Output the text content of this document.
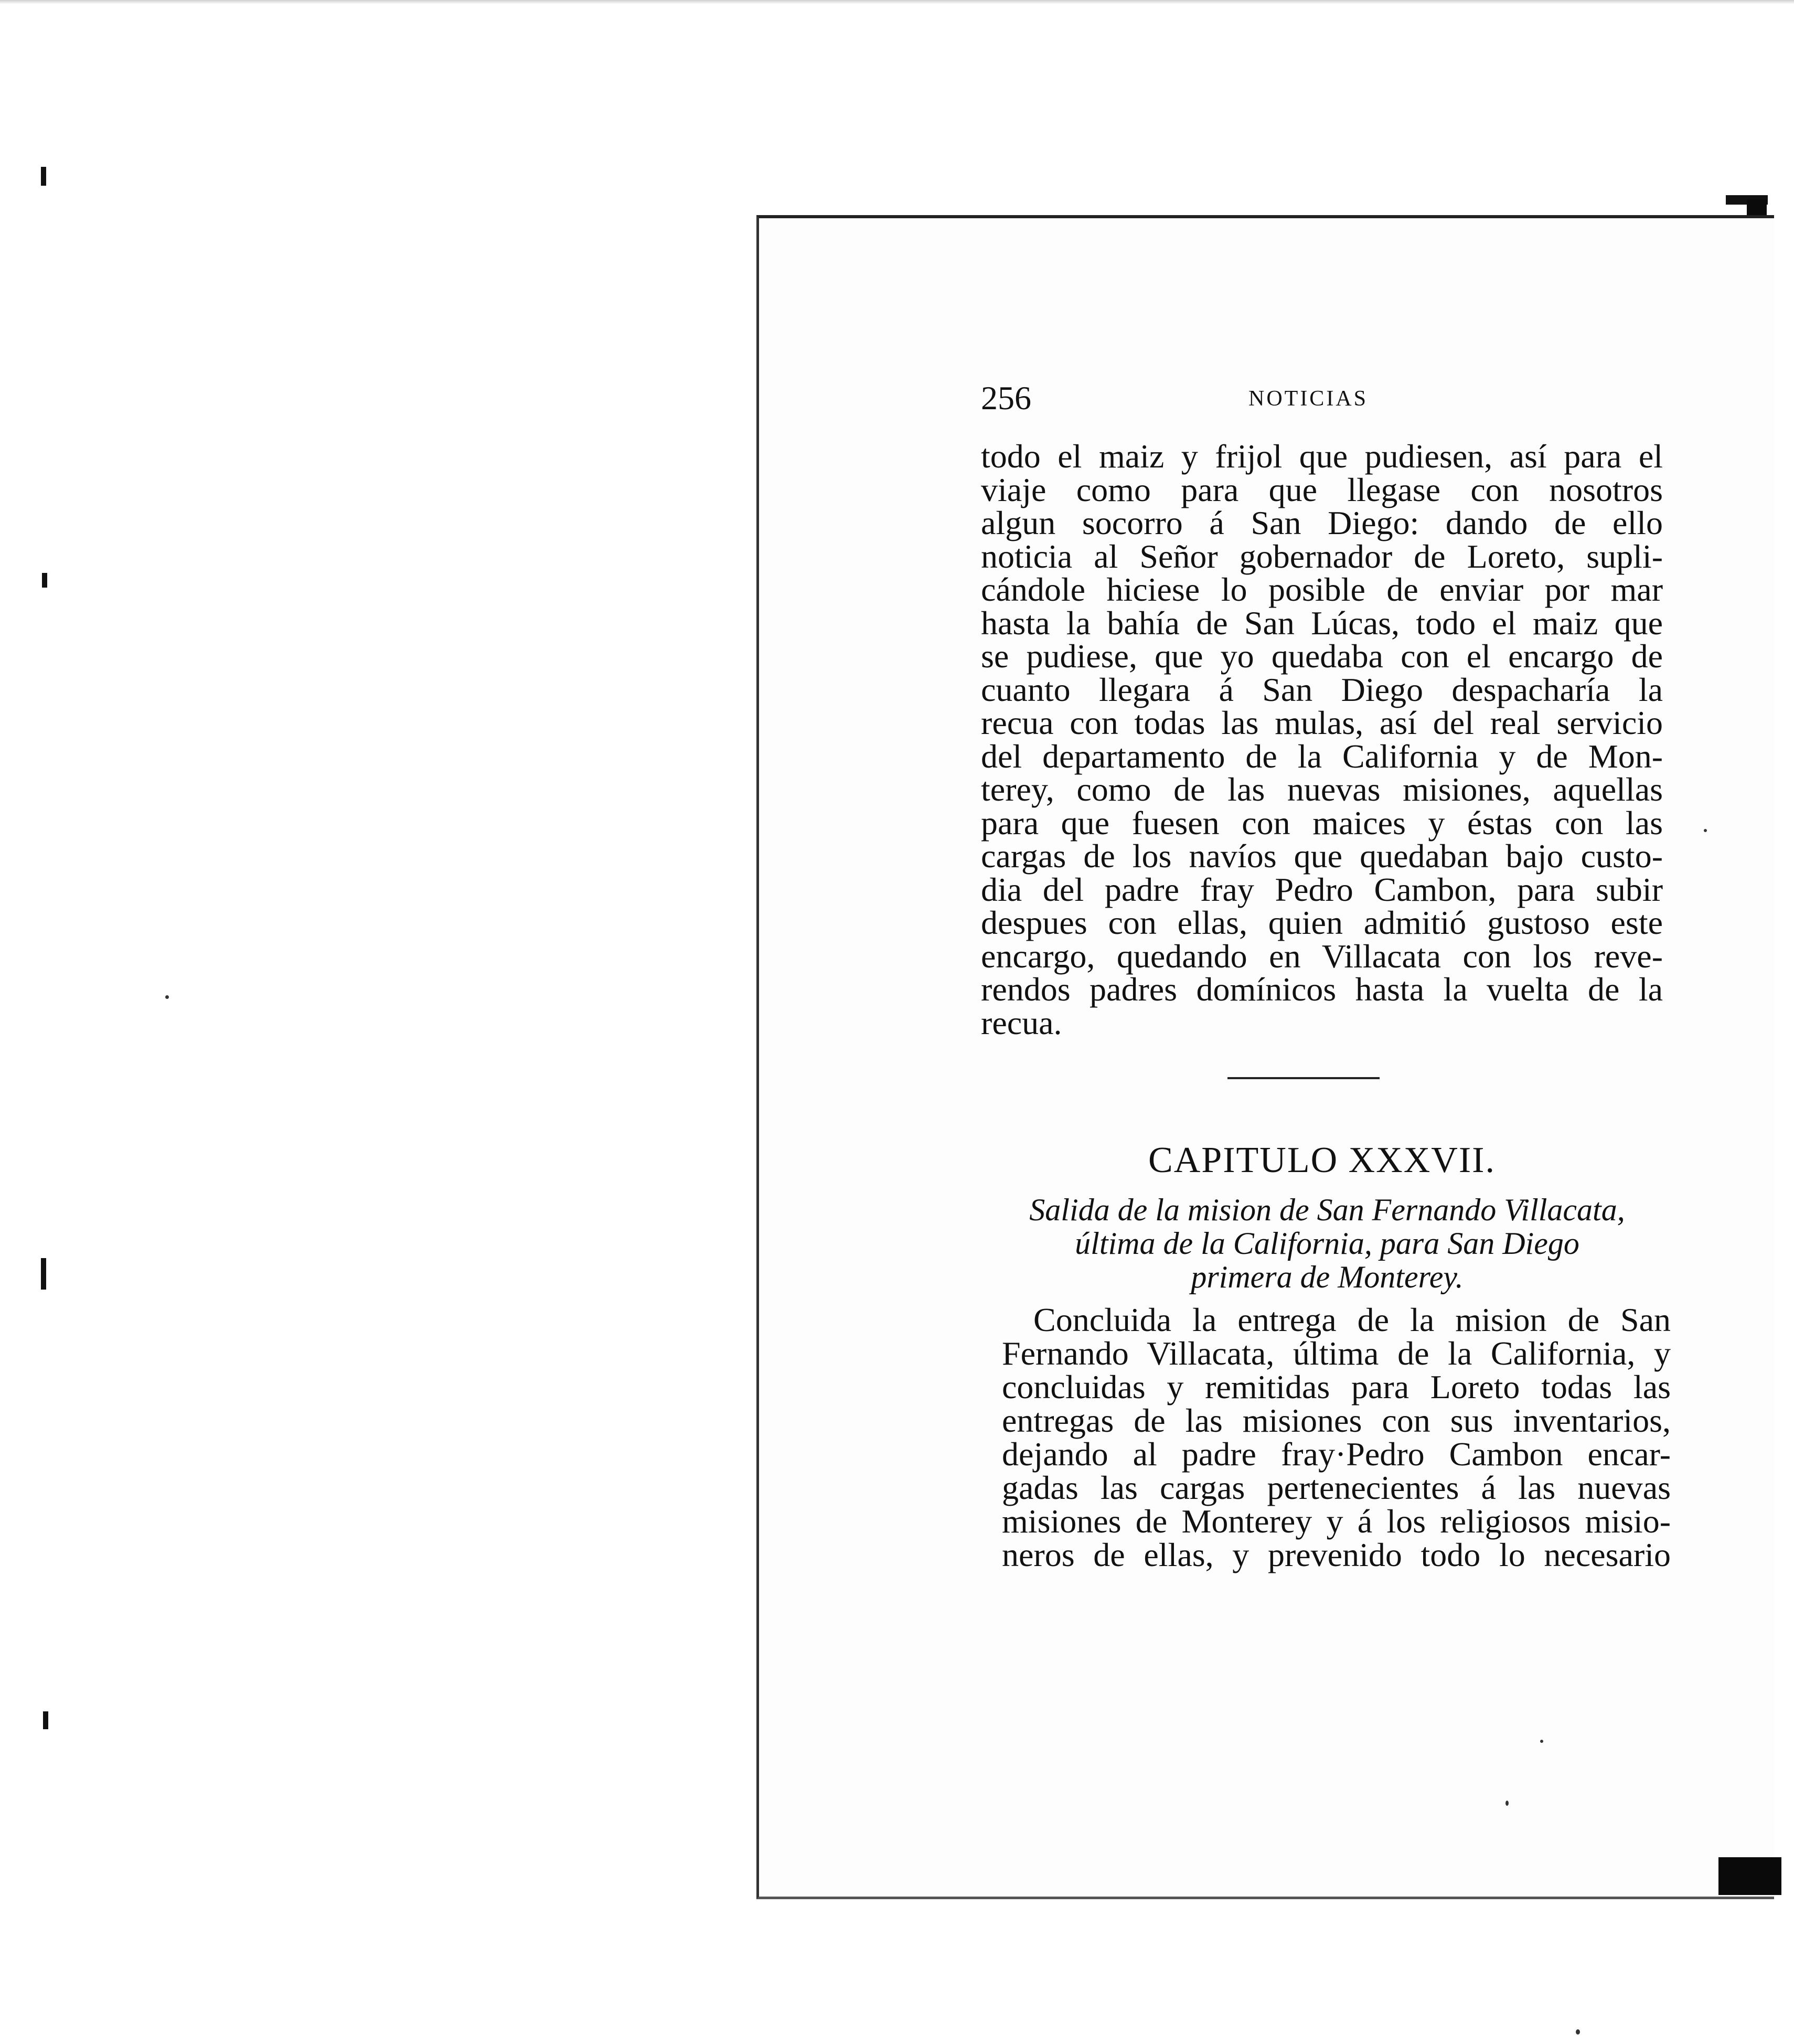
256	NOTICIAS
todo el maiz y frijol que pudiesen, así para el
viaje como para que llegase con nosotros
algun socorro á San Diego: dando de ello
noticia al Señor gobernador de Loreto, supli-
cándole hiciese lo posible de enviar por mar
hasta la bahía de San Lúcas, todo el maiz que
se pudiese, que yo quedaba con el encargo de
cuanto llegara á San Diego despacharía la
recua con todas las mulas, así del real servicio
del departamento de la California y de Mon-
terey, como de las nuevas misiones, aquellas
para que fuesen con maices y éstas con las
cargas de los navíos que quedaban bajo custo-
dia del padre fray Pedro Cambon, para subir
despues con ellas, quien admitió gustoso este
encargo, quedando en Villacata con los reve-
rendos padres domínicos hasta la vuelta de la
recua.
CAPITULO XXXVII.
Salida de la mision de San Fernando Villacata,
última de la California, para San Diego
primera de Monterey.
Concluida la entrega de la mision de San
Fernando Villacata, última de la California, y
concluidas y remitidas para Loreto todas las
entregas de las misiones con sus inventarios,
dejando al padre fray·Pedro Cambon encar-
gadas las cargas pertenecientes á las nuevas
misiones de Monterey y á los religiosos misio-
neros de ellas, y prevenido todo lo necesario
